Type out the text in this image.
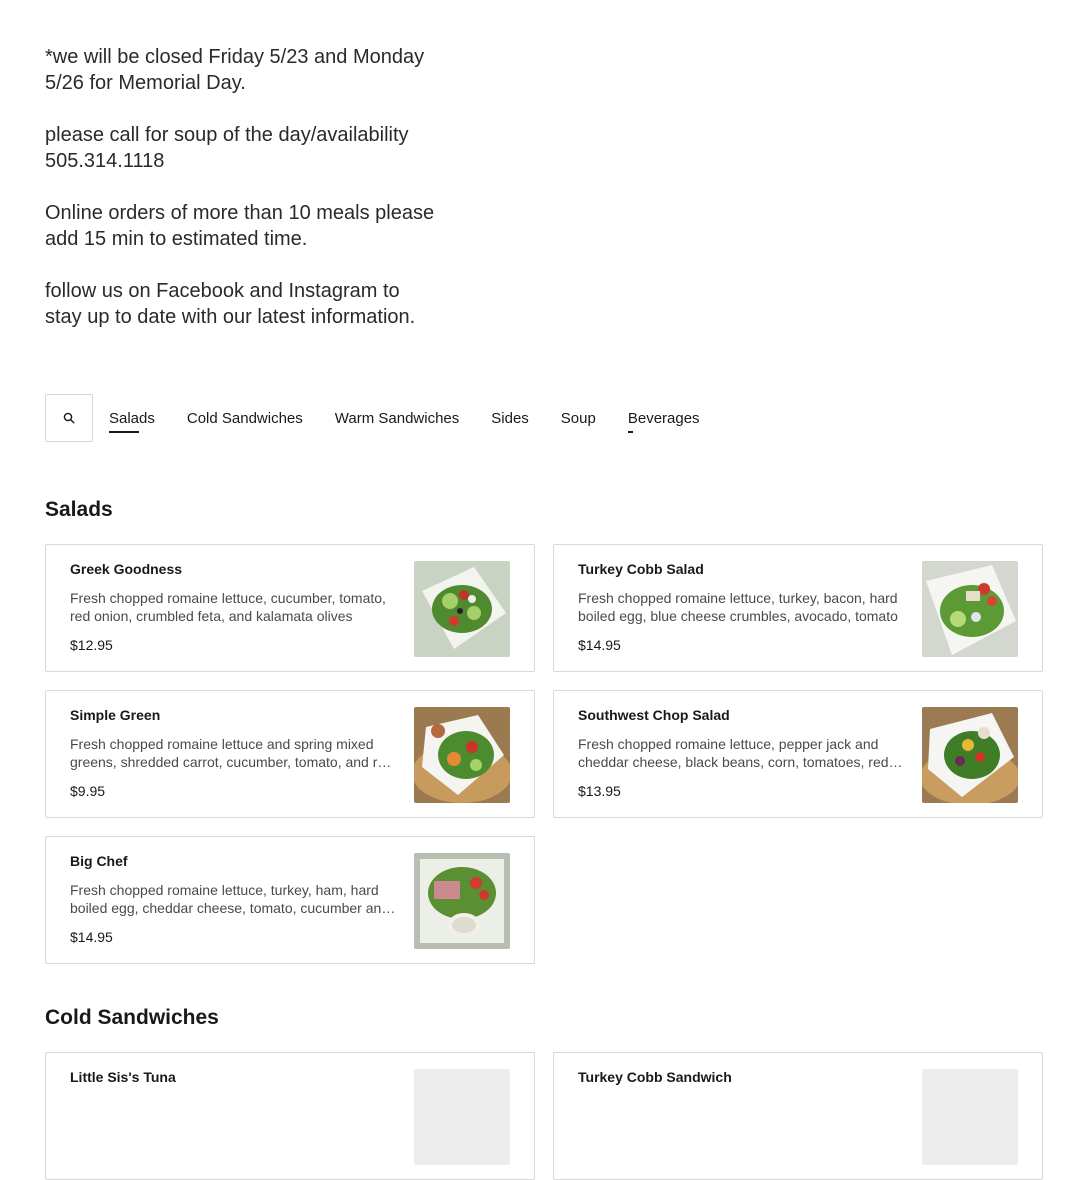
*we will be closed Friday 5/23 and Monday
5/26 for Memorial Day.

please call for soup of the day/availability
505.314.1118

Online orders of more than 10 meals please
add 15 min to estimated time.

follow us on Facebook and Instagram to
stay up to date with our latest information.

Salads Cold Sandwiches Warm Sandwiches Sides Soup Beverages
Salads
Greek Goodness
Fresh chopped romaine lettuce, cucumber, tomato, red onion, crumbled feta, and kalamata olives
$12.95
Turkey Cobb Salad
Fresh chopped romaine lettuce, turkey, bacon, hard boiled egg, blue cheese crumbles, avocado, tomato
$14.95
Simple Green
Fresh chopped romaine lettuce and spring mixed greens, shredded carrot, cucumber, tomato, and red
$9.95
Southwest Chop Salad
Fresh chopped romaine lettuce, pepper jack and cheddar cheese, black beans, corn, tomatoes, red
$13.95
Big Chef
Fresh chopped romaine lettuce, turkey, ham, hard boiled egg, cheddar cheese, tomato, cucumber and
$14.95
Cold Sandwiches
Little Sis's Tuna	Turkey Cobb Sandwich
